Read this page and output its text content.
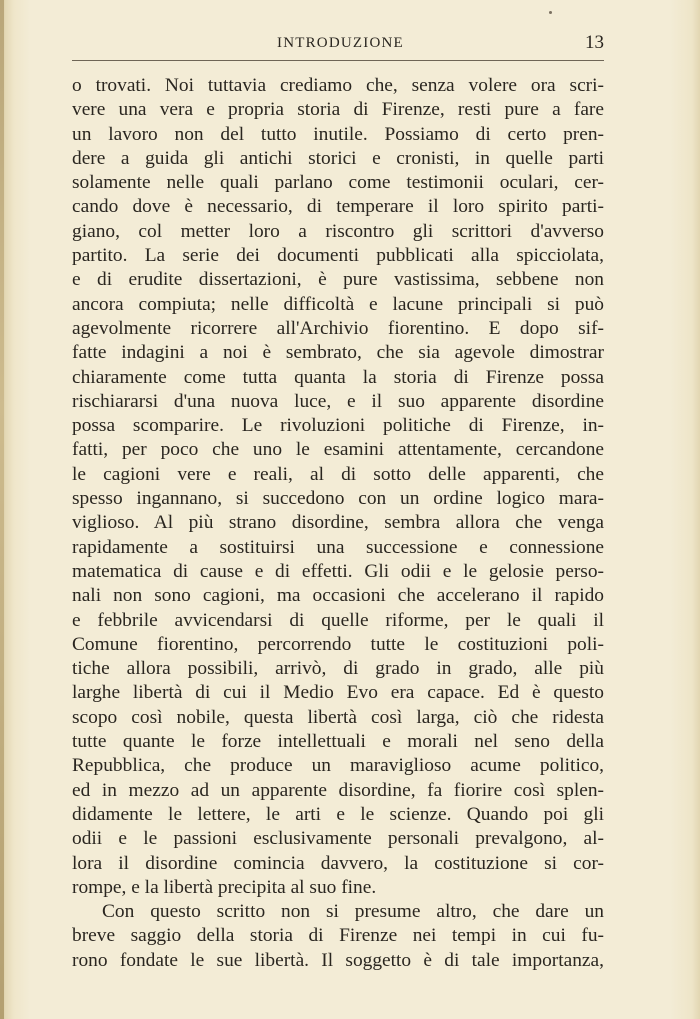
INTRODUZIONE	13
o trovati. Noi tuttavia crediamo che, senza volere ora scri-
vere una vera e propria storia di Firenze, resti pure a fare
un lavoro non del tutto inutile. Possiamo di certo pren-
dere a guida gli antichi storici e cronisti, in quelle parti
solamente nelle quali parlano come testimonii oculari, cer-
cando dove è necessario, di temperare il loro spirito parti-
giano, col metter loro a riscontro gli scrittori d'avverso
partito. La serie dei documenti pubblicati alla spicciolata,
e di erudite dissertazioni, è pure vastissima, sebbene non
ancora compiuta; nelle difficoltà e lacune principali si può
agevolmente ricorrere all'Archivio fiorentino. E dopo sif-
fatte indagini a noi è sembrato, che sia agevole dimostrar
chiaramente come tutta quanta la storia di Firenze possa
rischiararsi d'una nuova luce, e il suo apparente disordine
possa scomparire. Le rivoluzioni politiche di Firenze, in-
fatti, per poco che uno le esamini attentamente, cercandone
le cagioni vere e reali, al di sotto delle apparenti, che
spesso ingannano, si succedono con un ordine logico mara-
viglioso. Al più strano disordine, sembra allora che venga
rapidamente a sostituirsi una successione e connessione
matematica di cause e di effetti. Gli odii e le gelosie perso-
nali non sono cagioni, ma occasioni che accelerano il rapido
e febbrile avvicendarsi di quelle riforme, per le quali il
Comune fiorentino, percorrendo tutte le costituzioni poli-
tiche allora possibili, arrivò, di grado in grado, alle più
larghe libertà di cui il Medio Evo era capace. Ed è questo
scopo così nobile, questa libertà così larga, ciò che ridesta
tutte quante le forze intellettuali e morali nel seno della
Repubblica, che produce un maraviglioso acume politico,
ed in mezzo ad un apparente disordine, fa fiorire così splen-
didamente le lettere, le arti e le scienze. Quando poi gli
odii e le passioni esclusivamente personali prevalgono, al-
lora il disordine comincia davvero, la costituzione si cor-
rompe, e la libertà precipita al suo fine.
Con questo scritto non si presume altro, che dare un
breve saggio della storia di Firenze nei tempi in cui fu-
rono fondate le sue libertà. Il soggetto è di tale importanza,
